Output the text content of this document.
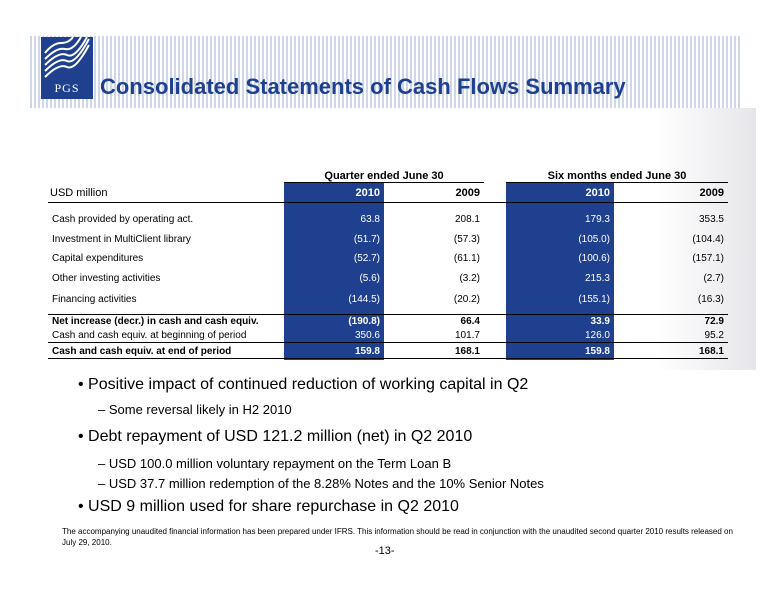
PGS Consolidated Statements of Cash Flows Summary
Quarter ended June 30	Six months ended June 30
USD million	2010	2009	2010	2009
Cash provided by operating act.	63.8	208.1	179.3	353.5
Investment in MultiClient library	(51.7)	(57.3)	(105.0)	(104.4)
Capital expenditures	(52.7)	(61.1)	(100.6)	(157.1)
Other investing activities	(5.6)	(3.2)	215.3	(2.7)
Financing activities	(144.5)	(20.2)	(155.1)	(16.3)
Net increase (decr.) in cash and cash equiv.	(190.8)	66.4	33.9	72.9
Cash and cash equiv. at beginning of period	350.6	101.7	126.0	95.2
Cash and cash equiv. at end of period	159.8	168.1	159.8	168.1
• Positive impact of continued reduction of working capital in Q2
– Some reversal likely in H2 2010
• Debt repayment of USD 121.2 million (net) in Q2 2010
– USD 100.0 million voluntary repayment on the Term Loan B
– USD 37.7 million redemption of the 8.28% Notes and the 10% Senior Notes
• USD 9 million used for share repurchase in Q2 2010
The accompanying unaudited financial information has been prepared under IFRS. This information should be read in conjunction with the unaudited second quarter 2010 results released on July 29, 2010.
-13-
